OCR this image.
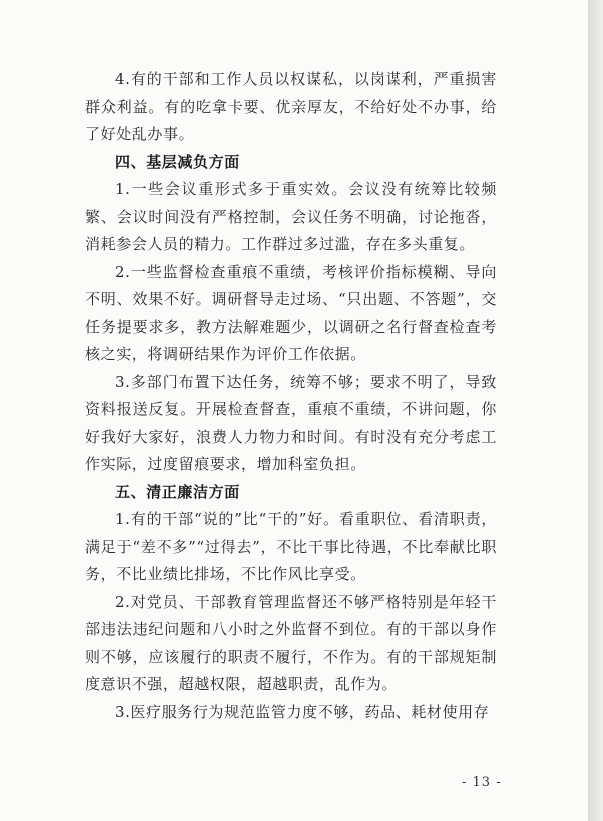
4.有的干部和工作人员以权谋私，以岗谋利，严重损害群众利益。有的吃拿卡要、优亲厚友，不给好处不办事，给了好处乱办事。

四、基层减负方面

1.一些会议重形式多于重实效。会议没有统筹比较频繁、会议时间没有严格控制，会议任务不明确，讨论拖沓，消耗参会人员的精力。工作群过多过滥，存在多头重复。

2.一些监督检查重痕不重绩，考核评价指标模糊、导向不明、效果不好。调研督导走过场、“只出题、不答题”，交任务提要求多，教方法解难题少，以调研之名行督查检查考核之实，将调研结果作为评价工作依据。

3.多部门布置下达任务，统筹不够；要求不明了，导致资料报送反复。开展检查督查，重痕不重绩，不讲问题，你好我好大家好，浪费人力物力和时间。有时没有充分考虑工作实际，过度留痕要求，增加科室负担。

五、清正廉洁方面

1.有的干部“说的”比“干的”好。看重职位、看清职责，满足于“差不多”“过得去”，不比干事比待遇，不比奉献比职务，不比业绩比排场，不比作风比享受。

2.对党员、干部教育管理监督还不够严格特别是年轻干部违法违纪问题和八小时之外监督不到位。有的干部以身作则不够，应该履行的职责不履行，不作为。有的干部规矩制度意识不强，超越权限，超越职责，乱作为。

3.医疗服务行为规范监管力度不够，药品、耗材使用存

- 13 -
